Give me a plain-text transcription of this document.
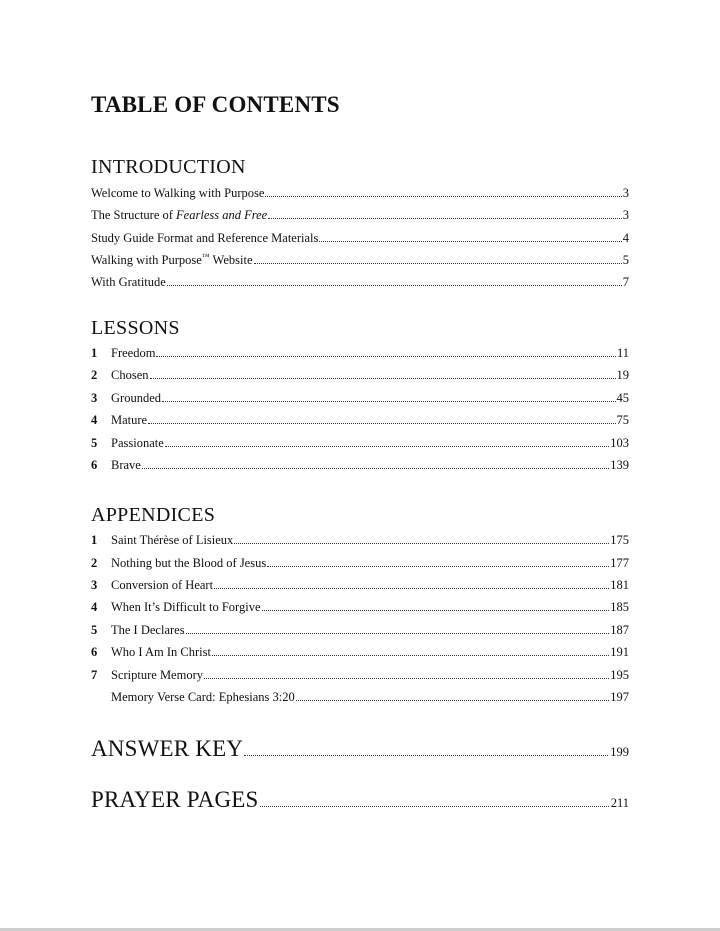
TABLE OF CONTENTS
INTRODUCTION
Welcome to Walking with Purpose	3
The Structure of Fearless and Free	3
Study Guide Format and Reference Materials	4
Walking with Purpose™ Website	5
With Gratitude	7
LESSONS
1	Freedom	11
2	Chosen	19
3	Grounded	45
4	Mature	75
5	Passionate	103
6	Brave	139
APPENDICES
1	Saint Thérèse of Lisieux	175
2	Nothing but the Blood of Jesus	177
3	Conversion of Heart	181
4	When It’s Difficult to Forgive	185
5	The I Declares	187
6	Who I Am In Christ	191
7	Scripture Memory	195
Memory Verse Card: Ephesians 3:20	197
ANSWER KEY	199
PRAYER PAGES	211
